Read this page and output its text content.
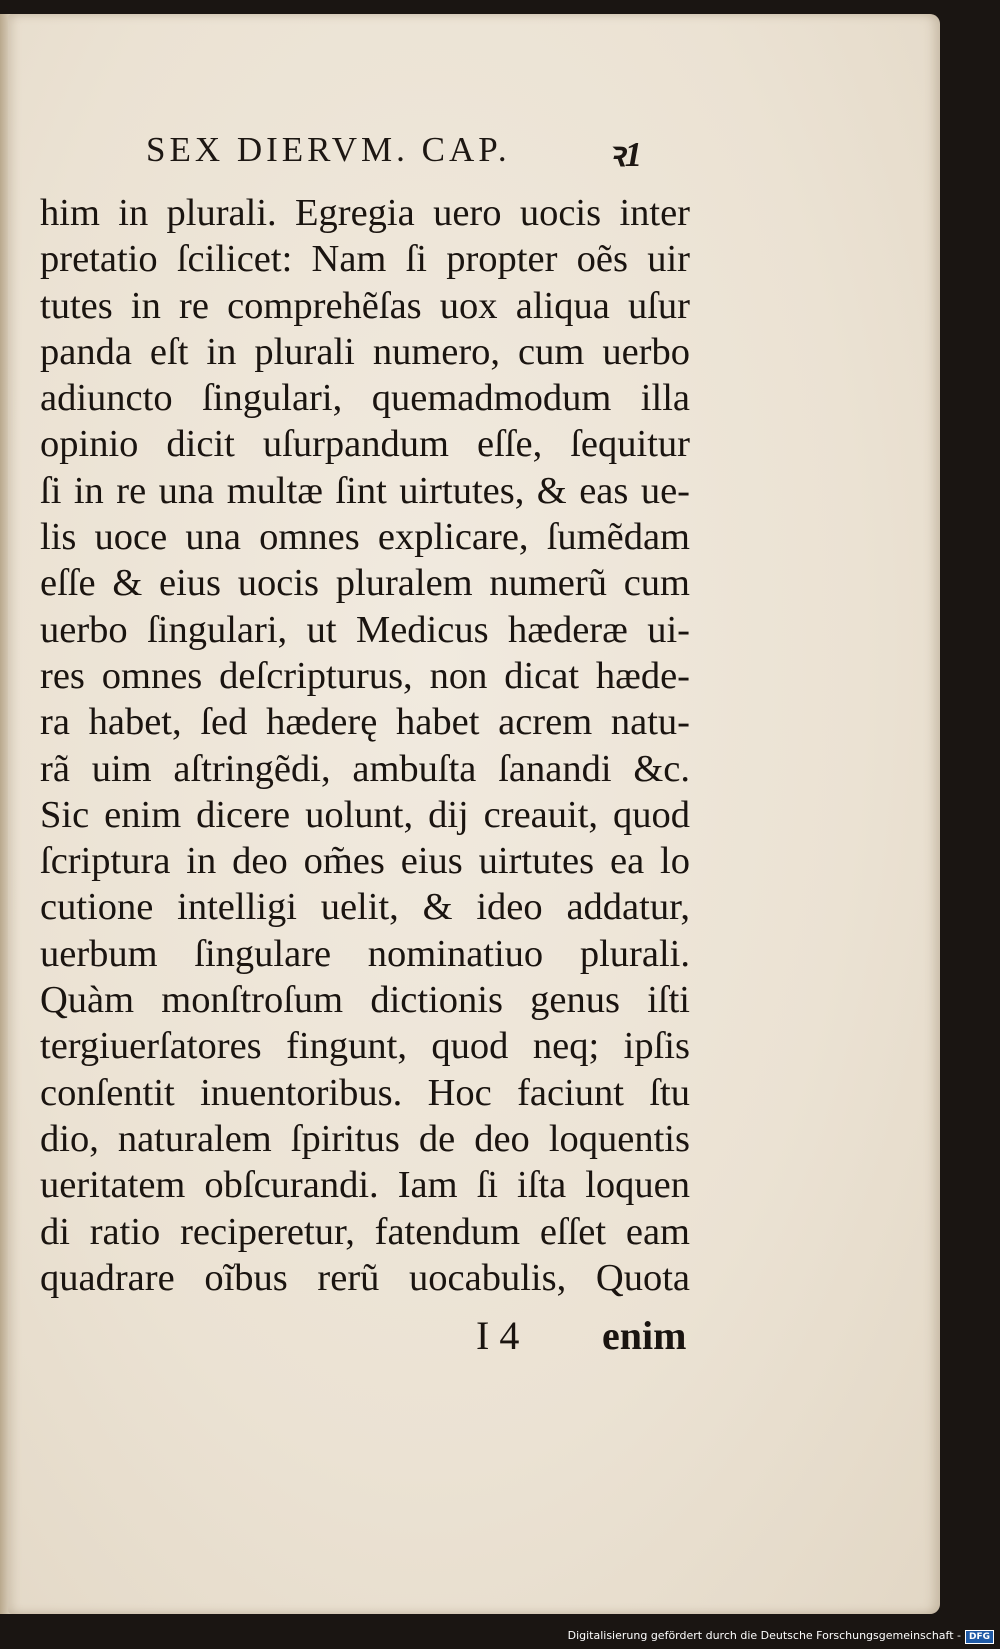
SEX DIERVM. CAP.	ꝛ1
him in plurali. Egregia uero uocis inter
pretatio ſcilicet: Nam ſi propter oẽs uir
tutes in re comprehẽſas uox aliqua uſur
panda eſt in plurali numero, cum uerbo
adiuncto ſingulari, quemadmodum illa
opinio dicit uſurpandum eſſe, ſequitur
ſi in re una multæ ſint uirtutes, & eas ue-
lis uoce una omnes explicare, ſumẽdam
eſſe & eius uocis pluralem numerũ cum
uerbo ſingulari, ut Medicus hæderæ ui-
res omnes deſcripturus, non dicat hæde-
ra habet, ſed hæderę habet acrem natu-
rã uim aſtringẽdi, ambuſta ſanandi &c.
Sic enim dicere uolunt, dij creauit, quod
ſcriptura in deo om̃es eius uirtutes ea lo
cutione intelligi uelit, & ideo addatur,
uerbum ſingulare nominatiuo plurali.
Quàm monſtroſum dictionis genus iſti
tergiuerſatores fingunt, quod neq; ipſis
conſentit inuentoribus. Hoc faciunt ſtu
dio, naturalem ſpiritus de deo loquentis
ueritatem obſcurandi. Iam ſi iſta loquen
di ratio reciperetur, fatendum eſſet eam
quadrare oĩbus rerũ uocabulis, Quota
I 4 enim
Digitalisierung gefördert durch die Deutsche Forschungsgemeinschaft - DFG
